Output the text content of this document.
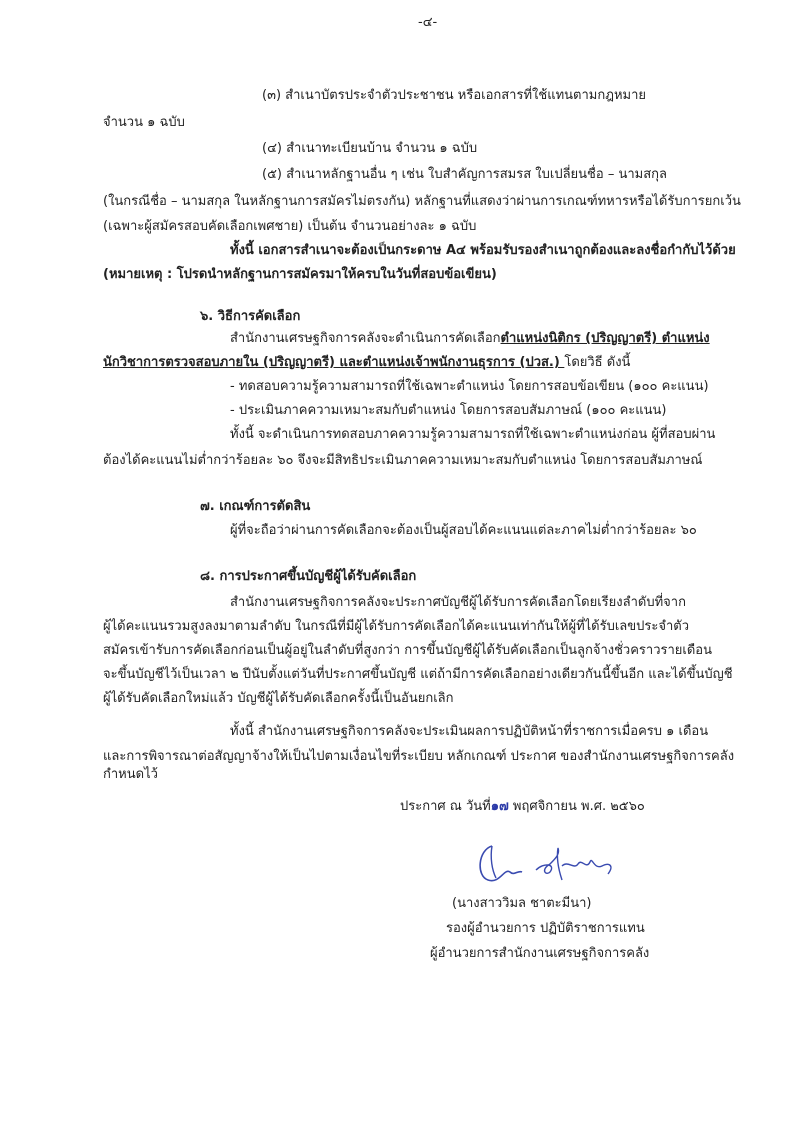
-๔-
(๓) สำเนาบัตรประจำตัวประชาชน หรือเอกสารที่ใช้แทนตามกฎหมาย
จำนวน ๑ ฉบับ
(๔) สำเนาทะเบียนบ้าน จำนวน ๑ ฉบับ
(๕) สำเนาหลักฐานอื่น ๆ เช่น ใบสำคัญการสมรส ใบเปลี่ยนชื่อ – นามสกุล
(ในกรณีชื่อ – นามสกุล ในหลักฐานการสมัครไม่ตรงกัน) หลักฐานที่แสดงว่าผ่านการเกณฑ์ทหารหรือได้รับการยกเว้น
(เฉพาะผู้สมัครสอบคัดเลือกเพศชาย) เป็นต้น จำนวนอย่างละ ๑ ฉบับ
ทั้งนี้ เอกสารสำเนาจะต้องเป็นกระดาษ A๔ พร้อมรับรองสำเนาถูกต้องและลงชื่อกำกับไว้ด้วย
(หมายเหตุ : โปรดนำหลักฐานการสมัครมาให้ครบในวันที่สอบข้อเขียน)
๖. วิธีการคัดเลือก
สำนักงานเศรษฐกิจการคลังจะดำเนินการคัดเลือกตำแหน่งนิติกร (ปริญญาตรี) ตำแหน่ง
นักวิชาการตรวจสอบภายใน (ปริญญาตรี) และตำแหน่งเจ้าพนักงานธุรการ (ปวส.) โดยวิธี ดังนี้
- ทดสอบความรู้ความสามารถที่ใช้เฉพาะตำแหน่ง โดยการสอบข้อเขียน (๑๐๐ คะแนน)
- ประเมินภาคความเหมาะสมกับตำแหน่ง โดยการสอบสัมภาษณ์ (๑๐๐ คะแนน)
ทั้งนี้ จะดำเนินการทดสอบภาคความรู้ความสามารถที่ใช้เฉพาะตำแหน่งก่อน ผู้ที่สอบผ่าน
ต้องได้คะแนนไม่ต่ำกว่าร้อยละ ๖๐ จึงจะมีสิทธิประเมินภาคความเหมาะสมกับตำแหน่ง โดยการสอบสัมภาษณ์
๗. เกณฑ์การตัดสิน
ผู้ที่จะถือว่าผ่านการคัดเลือกจะต้องเป็นผู้สอบได้คะแนนแต่ละภาคไม่ต่ำกว่าร้อยละ ๖๐
๘. การประกาศขึ้นบัญชีผู้ได้รับคัดเลือก
สำนักงานเศรษฐกิจการคลังจะประกาศบัญชีผู้ได้รับการคัดเลือกโดยเรียงลำดับที่จาก
ผู้ได้คะแนนรวมสูงลงมาตามลำดับ ในกรณีที่มีผู้ได้รับการคัดเลือกได้คะแนนเท่ากันให้ผู้ที่ได้รับเลขประจำตัว
สมัครเข้ารับการคัดเลือกก่อนเป็นผู้อยู่ในลำดับที่สูงกว่า การขึ้นบัญชีผู้ได้รับคัดเลือกเป็นลูกจ้างชั่วคราวรายเดือน
จะขึ้นบัญชีไว้เป็นเวลา ๒ ปีนับตั้งแต่วันที่ประกาศขึ้นบัญชี แต่ถ้ามีการคัดเลือกอย่างเดียวกันนี้ขึ้นอีก และได้ขึ้นบัญชี
ผู้ได้รับคัดเลือกใหม่แล้ว บัญชีผู้ได้รับคัดเลือกครั้งนี้เป็นอันยกเลิก
ทั้งนี้ สำนักงานเศรษฐกิจการคลังจะประเมินผลการปฏิบัติหน้าที่ราชการเมื่อครบ ๑ เดือน
และการพิจารณาต่อสัญญาจ้างให้เป็นไปตามเงื่อนไขที่ระเบียบ หลักเกณฑ์ ประกาศ ของสำนักงานเศรษฐกิจการคลังกำหนดไว้
ประกาศ ณ วันที่๑๗ พฤศจิกายน พ.ศ. ๒๕๖๐
(นางสาววิมล ชาตะมีนา)
รองผู้อำนวยการ ปฏิบัติราชการแทน
ผู้อำนวยการสำนักงานเศรษฐกิจการคลัง
